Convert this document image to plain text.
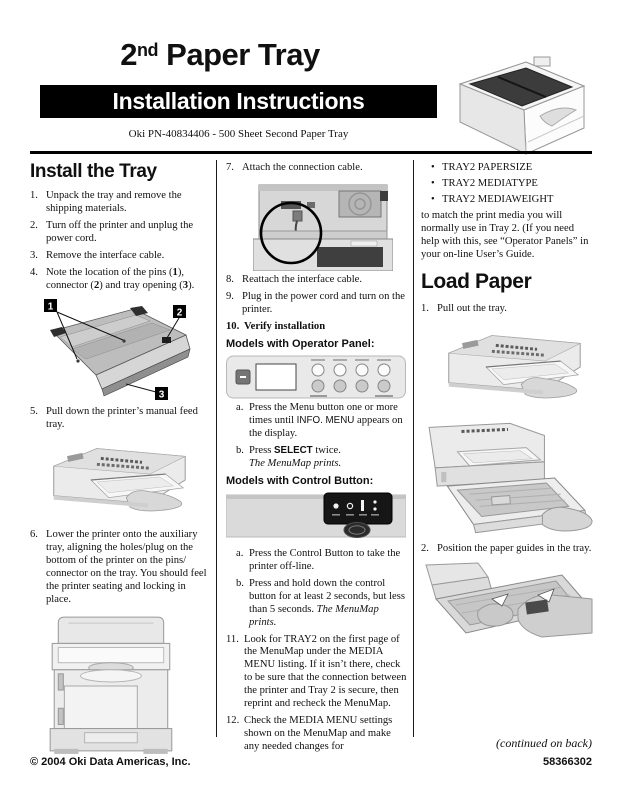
2nd Paper Tray
Installation Instructions
Oki PN-40834406 - 500 Sheet Second Paper Tray
Install the Tray
1. Unpack the tray and remove the shipping materials.
2. Turn off the printer and unplug the power cord.
3. Remove the interface cable.
4. Note the location of the pins (1), connector (2) and tray opening (3).
1
2
3
5. Pull down the printer’s manual feed tray.
6. Lower the printer onto the auxiliary tray, aligning the holes/plug on the bottom of the printer on the pins/ connector on the tray. You should feel the printer seating and locking in place.
7. Attach the connection cable.
8. Reattach the interface cable.
9. Plug in the power cord and turn on the printer.
10. Verify installation
Models with Operator Panel:
a. Press the Menu button one or more times until INFO. MENU appears on the display.
b. Press SELECT twice.
The MenuMap prints.
Models with Control Button:
a. Press the Control Button to take the printer off-line.
b. Press and hold down the control button for at least 2 seconds, but less than 5 seconds. The MenuMap prints.
11. Look for TRAY2 on the first page of the MenuMap under the MEDIA MENU listing. If it isn’t there, check to be sure that the connection between the printer and Tray 2 is secure, then reprint and recheck the MenuMap.
12. Check the MEDIA MENU settings shown on the MenuMap and make any needed changes for
• TRAY2 PAPERSIZE
• TRAY2 MEDIATYPE
• TRAY2 MEDIAWEIGHT
to match the print media you will normally use in Tray 2. (If you need help with this, see “Operator Panels” in your on-line User’s Guide.
Load Paper
1. Pull out the tray.
2. Position the paper guides in the tray.
(continued on back)
© 2004 Oki Data Americas, Inc.	58366302
